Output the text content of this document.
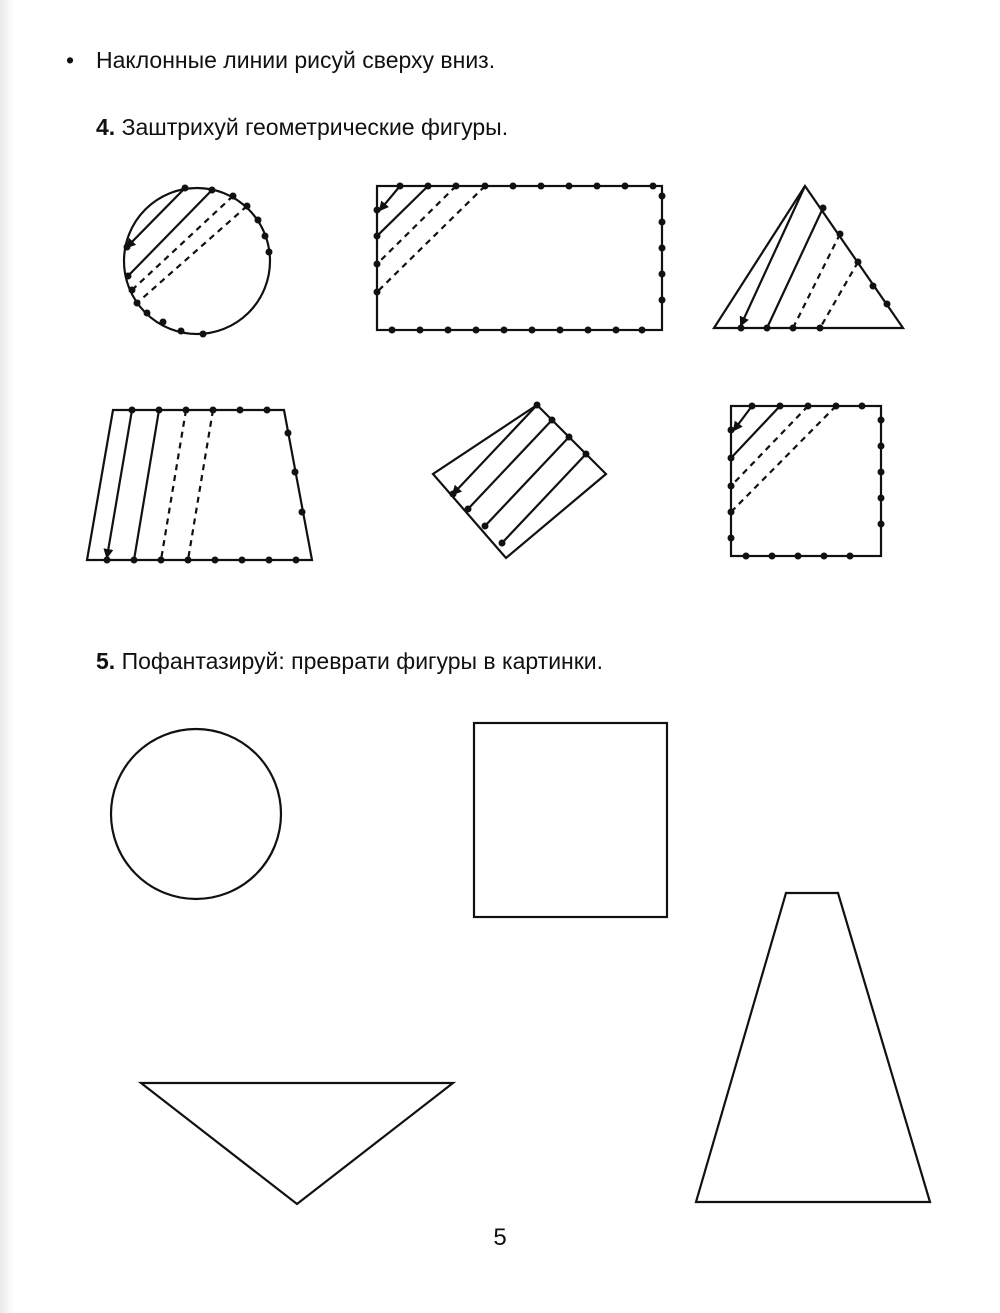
• Наклонные линии рисуй сверху вниз.
4. Заштрихуй геометрические фигуры.
5. Пофантазируй: преврати фигуры в картинки.
5
